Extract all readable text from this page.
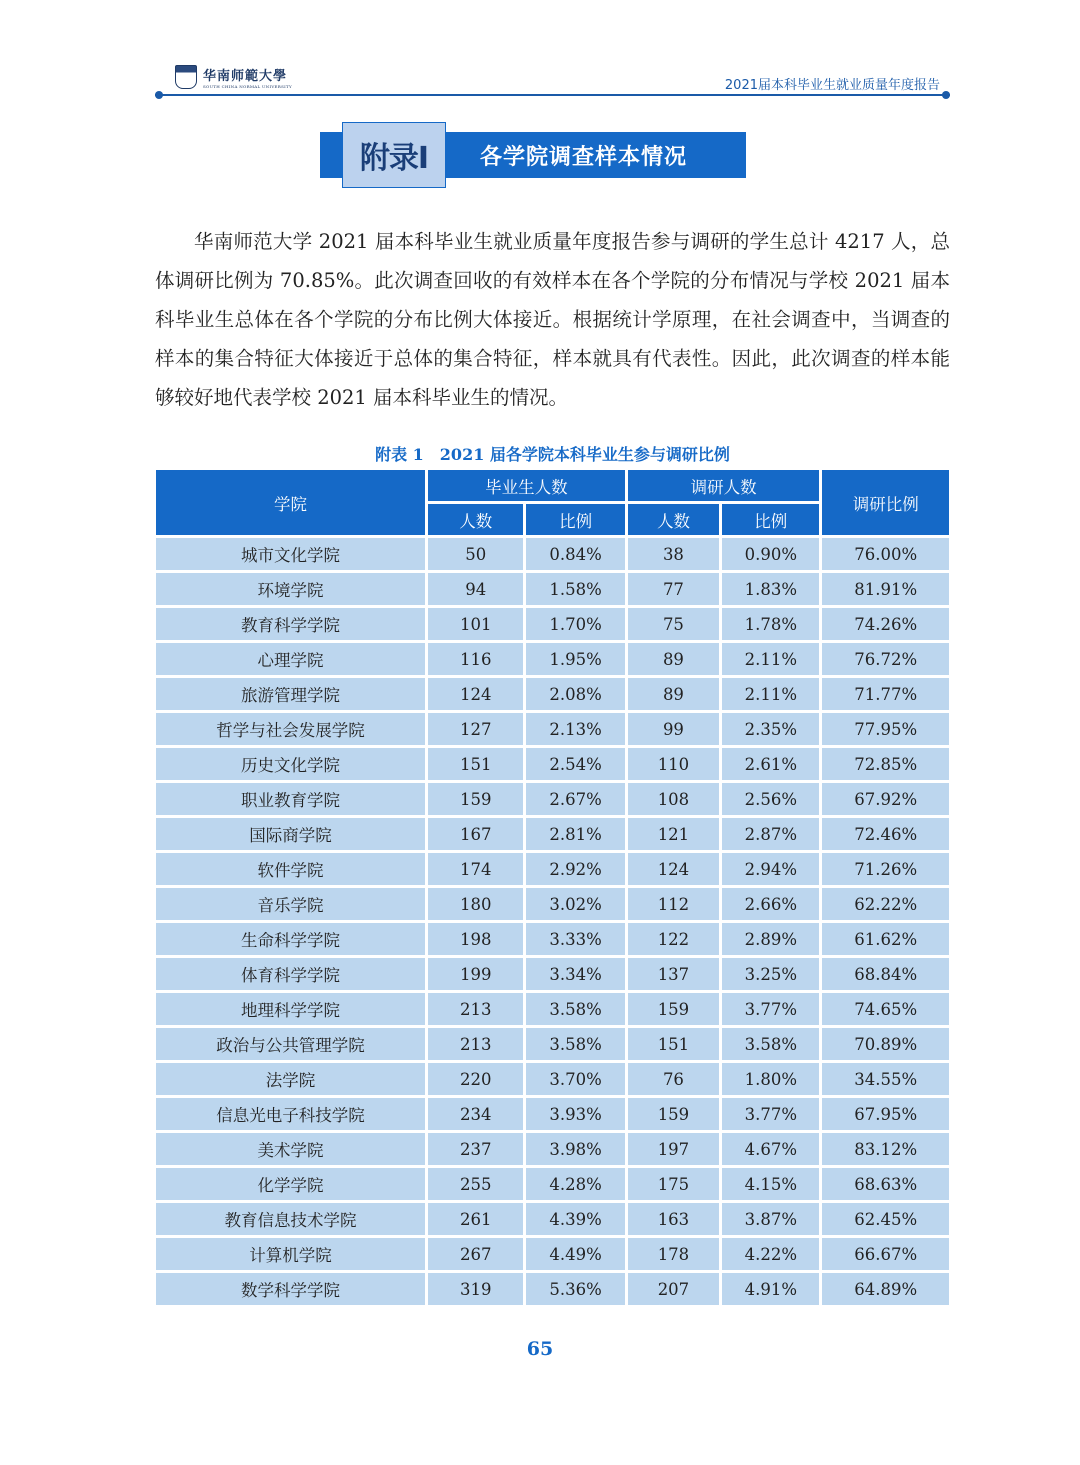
华南师範大學
SOUTH CHINA NORMAL UNIVERSITY	2021届本科毕业生就业质量年度报告
附录I 各学院调查样本情况
华南师范大学 2021 届本科毕业生就业质量年度报告参与调研的学生总计 4217 人，总体调研比例为 70.85%。此次调查回收的有效样本在各个学院的分布情况与学校 2021 届本科毕业生总体在各个学院的分布比例大体接近。根据统计学原理，在社会调查中，当调查的样本的集合特征大体接近于总体的集合特征，样本就具有代表性。因此，此次调查的样本能够较好地代表学校 2021 届本科毕业生的情况。
附表 1　2021 届各学院本科毕业生参与调研比例
学院	毕业生人数		调研人数		调研比例
	人数	比例	人数	比例	
城市文化学院	50	0.84%	38	0.90%	76.00%
环境学院	94	1.58%	77	1.83%	81.91%
教育科学学院	101	1.70%	75	1.78%	74.26%
心理学院	116	1.95%	89	2.11%	76.72%
旅游管理学院	124	2.08%	89	2.11%	71.77%
哲学与社会发展学院	127	2.13%	99	2.35%	77.95%
历史文化学院	151	2.54%	110	2.61%	72.85%
职业教育学院	159	2.67%	108	2.56%	67.92%
国际商学院	167	2.81%	121	2.87%	72.46%
软件学院	174	2.92%	124	2.94%	71.26%
音乐学院	180	3.02%	112	2.66%	62.22%
生命科学学院	198	3.33%	122	2.89%	61.62%
体育科学学院	199	3.34%	137	3.25%	68.84%
地理科学学院	213	3.58%	159	3.77%	74.65%
政治与公共管理学院	213	3.58%	151	3.58%	70.89%
法学院	220	3.70%	76	1.80%	34.55%
信息光电子科技学院	234	3.93%	159	3.77%	67.95%
美术学院	237	3.98%	197	4.67%	83.12%
化学学院	255	4.28%	175	4.15%	68.63%
教育信息技术学院	261	4.39%	163	3.87%	62.45%
计算机学院	267	4.49%	178	4.22%	66.67%
数学科学学院	319	5.36%	207	4.91%	64.89%
65
